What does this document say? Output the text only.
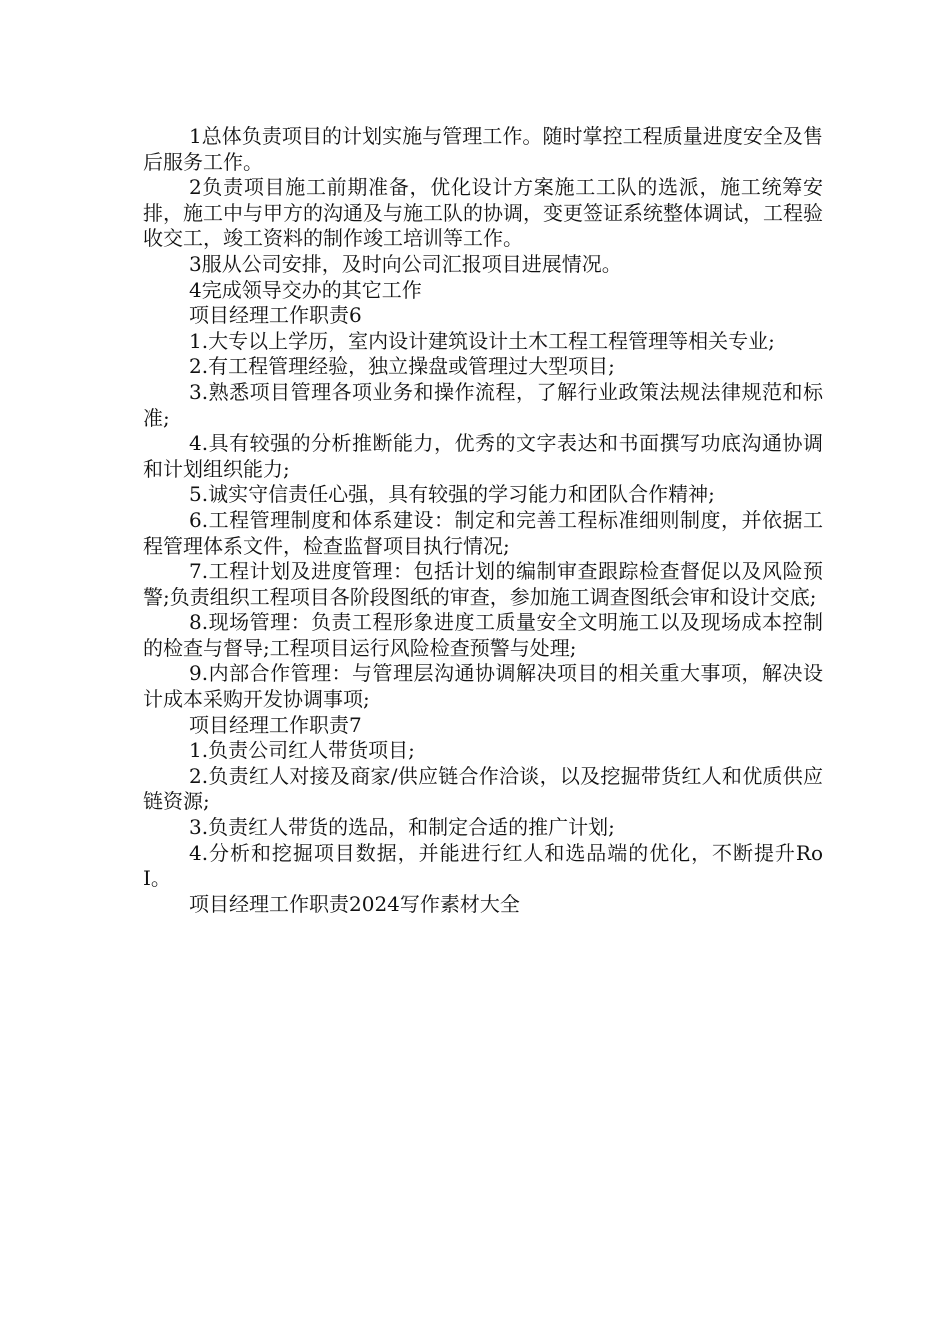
1总体负责项目的计划实施与管理工作。随时掌控工程质量进度安全及售后服务工作。

2负责项目施工前期准备，优化设计方案施工工队的选派，施工统筹安排，施工中与甲方的沟通及与施工队的协调，变更签证系统整体调试，工程验收交工，竣工资料的制作竣工培训等工作。

3服从公司安排，及时向公司汇报项目进展情况。

4完成领导交办的其它工作

项目经理工作职责6

1.大专以上学历，室内设计建筑设计土木工程工程管理等相关专业;

2.有工程管理经验，独立操盘或管理过大型项目;

3.熟悉项目管理各项业务和操作流程，了解行业政策法规法律规范和标准;

4.具有较强的分析推断能力，优秀的文字表达和书面撰写功底沟通协调和计划组织能力;

5.诚实守信责任心强，具有较强的学习能力和团队合作精神;

6.工程管理制度和体系建设：制定和完善工程标准细则制度，并依据工程管理体系文件，检查监督项目执行情况;

7.工程计划及进度管理：包括计划的编制审查跟踪检查督促以及风险预警;负责组织工程项目各阶段图纸的审查，参加施工调查图纸会审和设计交底;

8.现场管理：负责工程形象进度工质量安全文明施工以及现场成本控制的检查与督导;工程项目运行风险检查预警与处理;

9.内部合作管理：与管理层沟通协调解决项目的相关重大事项，解决设计成本采购开发协调事项;

项目经理工作职责7

1.负责公司红人带货项目;

2.负责红人对接及商家/供应链合作洽谈，以及挖掘带货红人和优质供应链资源;

3.负责红人带货的选品，和制定合适的推广计划;

4.分析和挖掘项目数据，并能进行红人和选品端的优化，不断提升RoI。

项目经理工作职责2024写作素材大全
